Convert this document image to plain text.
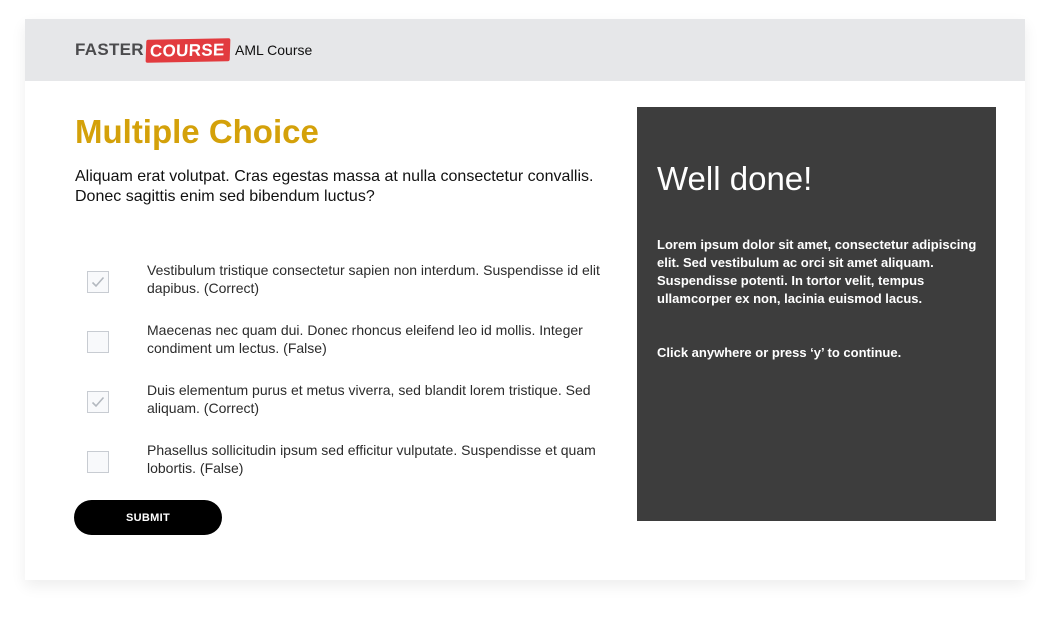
FASTER COURSE AML Course
Multiple Choice
Aliquam erat volutpat. Cras egestas massa at nulla consectetur convallis. Donec sagittis enim sed bibendum luctus?
Vestibulum tristique consectetur sapien non interdum. Suspendisse id elit dapibus. (Correct)
Maecenas nec quam dui. Donec rhoncus eleifend leo id mollis. Integer condiment um lectus. (False)
Duis elementum purus et metus viverra, sed blandit lorem tristique. Sed aliquam. (Correct)
Phasellus sollicitudin ipsum sed efficitur vulputate. Suspendisse et quam lobortis. (False)
SUBMIT
Well done!
Lorem ipsum dolor sit amet, consectetur adipiscing elit. Sed vestibulum ac orci sit amet aliquam. Suspendisse potenti. In tortor velit, tempus ullamcorper ex non, lacinia euismod lacus.
Click anywhere or press ‘y’ to continue.
